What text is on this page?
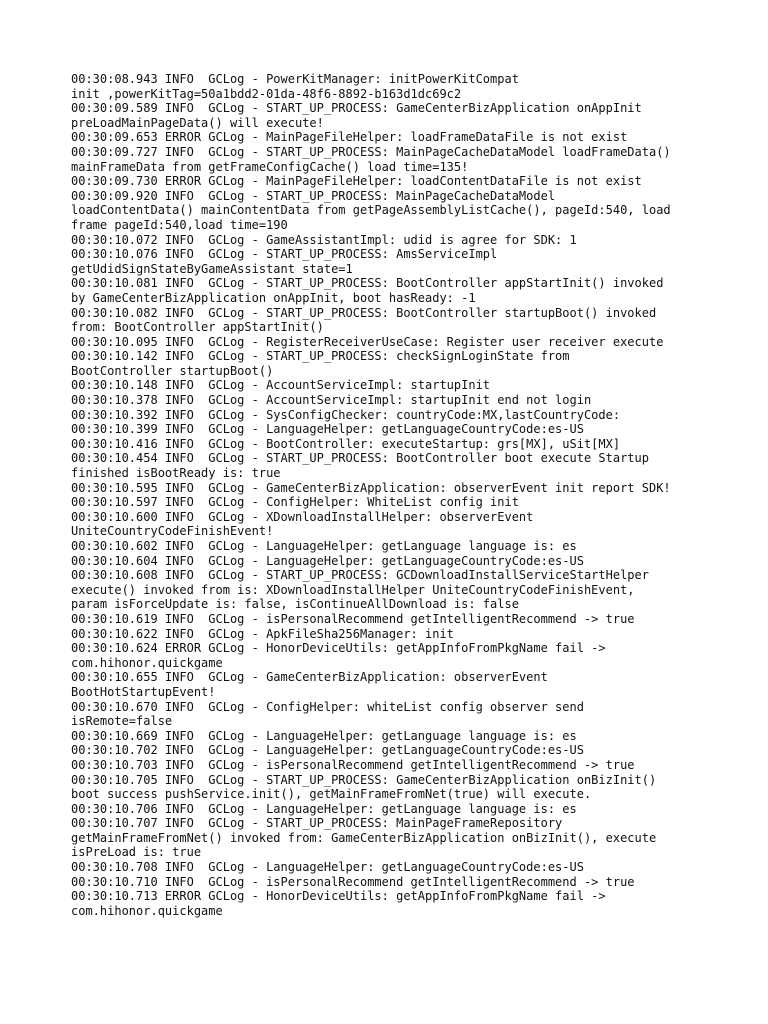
00:30:08.943 INFO  GCLog - PowerKitManager: initPowerKitCompat
init ,powerKitTag=50a1bdd2-01da-48f6-8892-b163d1dc69c2
00:30:09.589 INFO  GCLog - START_UP_PROCESS: GameCenterBizApplication onAppInit
preLoadMainPageData() will execute!
00:30:09.653 ERROR GCLog - MainPageFileHelper: loadFrameDataFile is not exist
00:30:09.727 INFO  GCLog - START_UP_PROCESS: MainPageCacheDataModel loadFrameData()
mainFrameData from getFrameConfigCache() load time=135!
00:30:09.730 ERROR GCLog - MainPageFileHelper: loadContentDataFile is not exist
00:30:09.920 INFO  GCLog - START_UP_PROCESS: MainPageCacheDataModel
loadContentData() mainContentData from getPageAssemblyListCache(), pageId:540, load
frame pageId:540,load time=190
00:30:10.072 INFO  GCLog - GameAssistantImpl: udid is agree for SDK: 1
00:30:10.076 INFO  GCLog - START_UP_PROCESS: AmsServiceImpl
getUdidSignStateByGameAssistant state=1
00:30:10.081 INFO  GCLog - START_UP_PROCESS: BootController appStartInit() invoked
by GameCenterBizApplication onAppInit, boot hasReady: -1
00:30:10.082 INFO  GCLog - START_UP_PROCESS: BootController startupBoot() invoked
from: BootController appStartInit()
00:30:10.095 INFO  GCLog - RegisterReceiverUseCase: Register user receiver execute
00:30:10.142 INFO  GCLog - START_UP_PROCESS: checkSignLoginState from
BootController startupBoot()
00:30:10.148 INFO  GCLog - AccountServiceImpl: startupInit
00:30:10.378 INFO  GCLog - AccountServiceImpl: startupInit end not login
00:30:10.392 INFO  GCLog - SysConfigChecker: countryCode:MX,lastCountryCode:
00:30:10.399 INFO  GCLog - LanguageHelper: getLanguageCountryCode:es-US
00:30:10.416 INFO  GCLog - BootController: executeStartup: grs[MX], uSit[MX]
00:30:10.454 INFO  GCLog - START_UP_PROCESS: BootController boot execute Startup
finished isBootReady is: true
00:30:10.595 INFO  GCLog - GameCenterBizApplication: observerEvent init report SDK!
00:30:10.597 INFO  GCLog - ConfigHelper: WhiteList config init
00:30:10.600 INFO  GCLog - XDownloadInstallHelper: observerEvent
UniteCountryCodeFinishEvent!
00:30:10.602 INFO  GCLog - LanguageHelper: getLanguage language is: es
00:30:10.604 INFO  GCLog - LanguageHelper: getLanguageCountryCode:es-US
00:30:10.608 INFO  GCLog - START_UP_PROCESS: GCDownloadInstallServiceStartHelper
execute() invoked from is: XDownloadInstallHelper UniteCountryCodeFinishEvent,
param isForceUpdate is: false, isContinueAllDownload is: false
00:30:10.619 INFO  GCLog - isPersonalRecommend getIntelligentRecommend -> true
00:30:10.622 INFO  GCLog - ApkFileSha256Manager: init
00:30:10.624 ERROR GCLog - HonorDeviceUtils: getAppInfoFromPkgName fail ->
com.hihonor.quickgame
00:30:10.655 INFO  GCLog - GameCenterBizApplication: observerEvent
BootHotStartupEvent!
00:30:10.670 INFO  GCLog - ConfigHelper: whiteList config observer send
isRemote=false
00:30:10.669 INFO  GCLog - LanguageHelper: getLanguage language is: es
00:30:10.702 INFO  GCLog - LanguageHelper: getLanguageCountryCode:es-US
00:30:10.703 INFO  GCLog - isPersonalRecommend getIntelligentRecommend -> true
00:30:10.705 INFO  GCLog - START_UP_PROCESS: GameCenterBizApplication onBizInit()
boot success pushService.init(), getMainFrameFromNet(true) will execute.
00:30:10.706 INFO  GCLog - LanguageHelper: getLanguage language is: es
00:30:10.707 INFO  GCLog - START_UP_PROCESS: MainPageFrameRepository
getMainFrameFromNet() invoked from: GameCenterBizApplication onBizInit(), execute
isPreLoad is: true
00:30:10.708 INFO  GCLog - LanguageHelper: getLanguageCountryCode:es-US
00:30:10.710 INFO  GCLog - isPersonalRecommend getIntelligentRecommend -> true
00:30:10.713 ERROR GCLog - HonorDeviceUtils: getAppInfoFromPkgName fail ->
com.hihonor.quickgame
